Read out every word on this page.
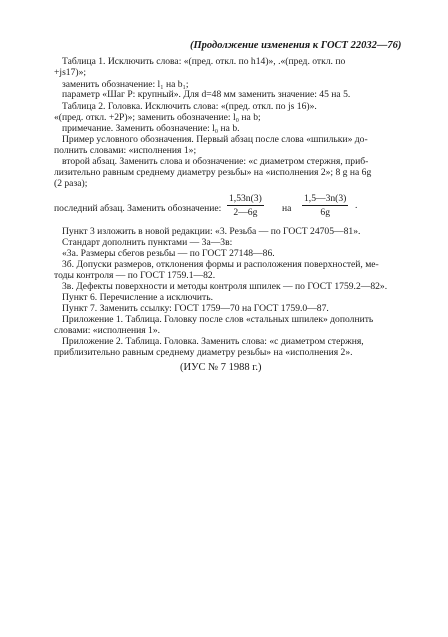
(Продолжение изменения к ГОСТ 22032—76)
Таблица 1. Исключить слова: «(пред. откл. по h14)», .«(пред. откл. по
+js17)»;
заменить обозначение: l₁ на b₁;
параметр «Шаг P: крупный». Для d=48 мм заменить значение: 45 на 5.
Таблица 2. Головка. Исключить слова: «(пред. откл. по js 16)».
«(пред. откл. +2P)»; заменить обозначение: l₀ на b;
примечание. Заменить обозначение: l₀ на b.
Пример условного обозначения. Первый абзац после слова «шпильки» до-
полнить словами: «исполнения 1»;
второй абзац. Заменить слова и обозначение: «с диаметром стержня, приб-
лизительно равным среднему диаметру резьбы» на «исполнения 2»; 8 g на 6g
(2 раза);
последний абзац. Заменить обозначение: $\frac{1,53n(3)}{2—6g}$ на $\frac{1,5—3n(3)}{6g}$ .
Пункт 3 изложить в новой редакции: «3. Резьба — по ГОСТ 24705—81».
Стандарт дополнить пунктами — 3а—3в:
«3а. Размеры сбегов резьбы — по ГОСТ 27148—86.
3б. Допуски размеров, отклонения формы и расположения поверхностей, ме-
тоды контроля — по ГОСТ 1759.1—82.
3в. Дефекты поверхности и методы контроля шпилек — по ГОСТ 1759.2—82».
Пункт 6. Перечисление а исключить.
Пункт 7. Заменить ссылку: ГОСТ 1759—70 на ГОСТ 1759.0—87.
Приложение 1. Таблица. Головку после слов «стальных шпилек» дополнить
словами: «исполнения 1».
Приложение 2. Таблица. Головка. Заменить слова: «с диаметром стержня,
приблизительно равным среднему диаметру резьбы» на «исполнения 2».
(ИУС № 7 1988 г.)
